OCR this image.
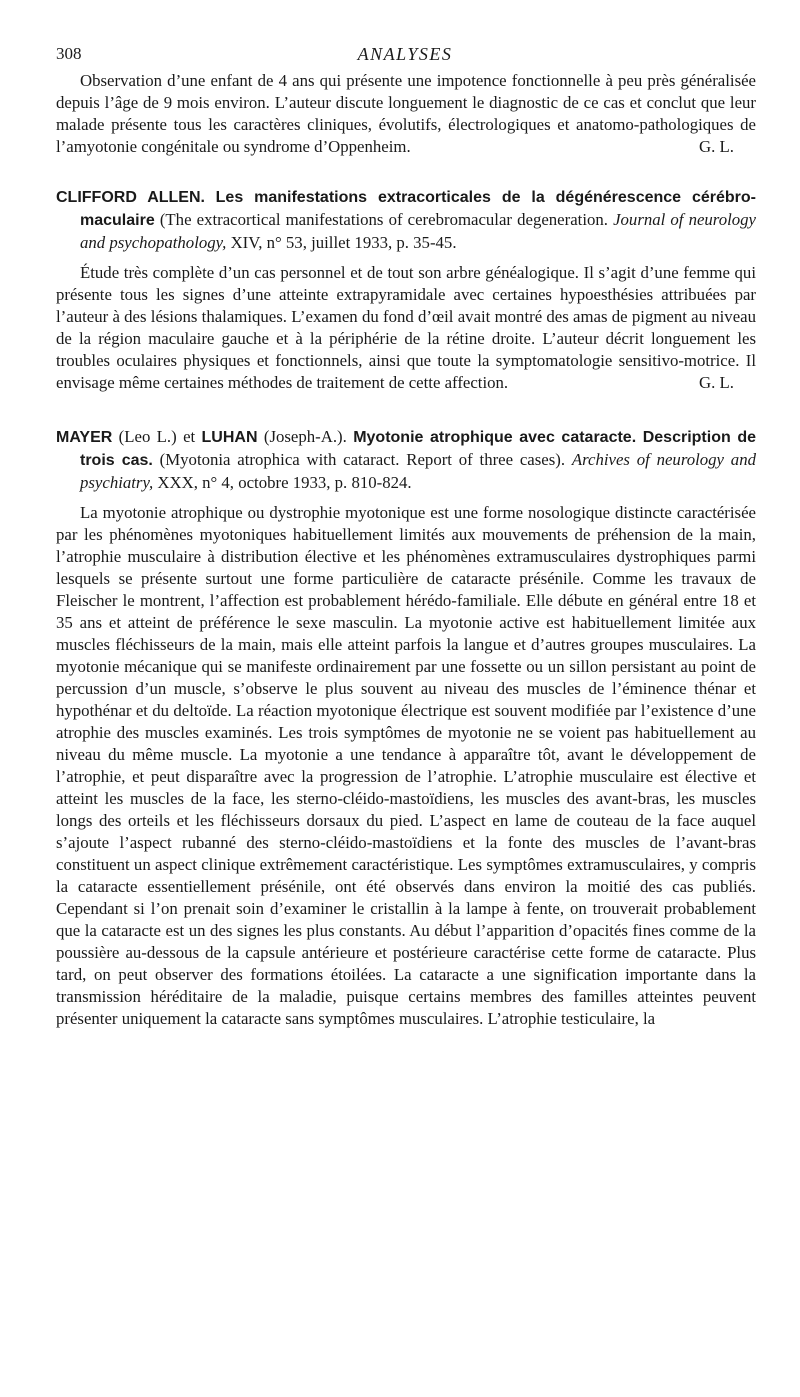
308	ANALYSES

Observation d’une enfant de 4 ans qui présente une impotence fonctionnelle à peu près généralisée depuis l’âge de 9 mois environ. L’auteur discute longuement le diagnostic de ce cas et conclut que leur malade présente tous les caractères cliniques, évolutifs, électrologiques et anatomo-pathologiques de l’amyotonie congénitale ou syndrome d’Oppenheim.	G. L.

CLIFFORD ALLEN. Les manifestations extracorticales de la dégénérescence cérébro-maculaire (The extracortical manifestations of cerebromacular degeneration. Journal of neurology and psychopathology, XIV, n° 53, juillet 1933, p. 35-45.

Étude très complète d’un cas personnel et de tout son arbre généalogique. Il s’agit d’une femme qui présente tous les signes d’une atteinte extrapyramidale avec certaines hypoesthésies attribuées par l’auteur à des lésions thalamiques. L’examen du fond d’œil avait montré des amas de pigment au niveau de la région maculaire gauche et à la périphérie de la rétine droite. L’auteur décrit longuement les troubles oculaires physiques et fonctionnels, ainsi que toute la symptomatologie sensitivo-motrice. Il envisage même certaines méthodes de traitement de cette affection.	G. L.

MAYER (Leo L.) et LUHAN (Joseph-A.). Myotonie atrophique avec cataracte. Description de trois cas. (Myotonia atrophica with cataract. Report of three cases). Archives of neurology and psychiatry, XXX, n° 4, octobre 1933, p. 810-824.

La myotonie atrophique ou dystrophie myotonique est une forme nosologique distincte caractérisée par les phénomènes myotoniques habituellement limités aux mouvements de préhension de la main, l’atrophie musculaire à distribution élective et les phénomènes extramusculaires dystrophiques parmi lesquels se présente surtout une forme particulière de cataracte présénile. Comme les travaux de Fleischer le montrent, l’affection est probablement hérédo-familiale. Elle débute en général entre 18 et 35 ans et atteint de préférence le sexe masculin. La myotonie active est habituellement limitée aux muscles fléchisseurs de la main, mais elle atteint parfois la langue et d’autres groupes musculaires. La myotonie mécanique qui se manifeste ordinairement par une fossette ou un sillon persistant au point de percussion d’un muscle, s’observe le plus souvent au niveau des muscles de l’éminence thénar et hypothénar et du deltoïde. La réaction myotonique électrique est souvent modifiée par l’existence d’une atrophie des muscles examinés. Les trois symptômes de myotonie ne se voient pas habituellement au niveau du même muscle. La myotonie a une tendance à apparaître tôt, avant le développement de l’atrophie, et peut disparaître avec la progression de l’atrophie. L’atrophie musculaire est élective et atteint les muscles de la face, les sterno-cléido-mastoïdiens, les muscles des avant-bras, les muscles longs des orteils et les fléchisseurs dorsaux du pied. L’aspect en lame de couteau de la face auquel s’ajoute l’aspect rubanné des sterno-cléido-mastoïdiens et la fonte des muscles de l’avant-bras constituent un aspect clinique extrêmement caractéristique. Les symptômes extramusculaires, y compris la cataracte essentiellement présénile, ont été observés dans environ la moitié des cas publiés. Cependant si l’on prenait soin d’examiner le cristallin à la lampe à fente, on trouverait probablement que la cataracte est un des signes les plus constants. Au début l’apparition d’opacités fines comme de la poussière au-dessous de la capsule antérieure et postérieure caractérise cette forme de cataracte. Plus tard, on peut observer des formations étoilées. La cataracte a une signification importante dans la transmission héréditaire de la maladie, puisque certains membres des familles atteintes peuvent présenter uniquement la cataracte sans symptômes musculaires. L’atrophie testiculaire, la
